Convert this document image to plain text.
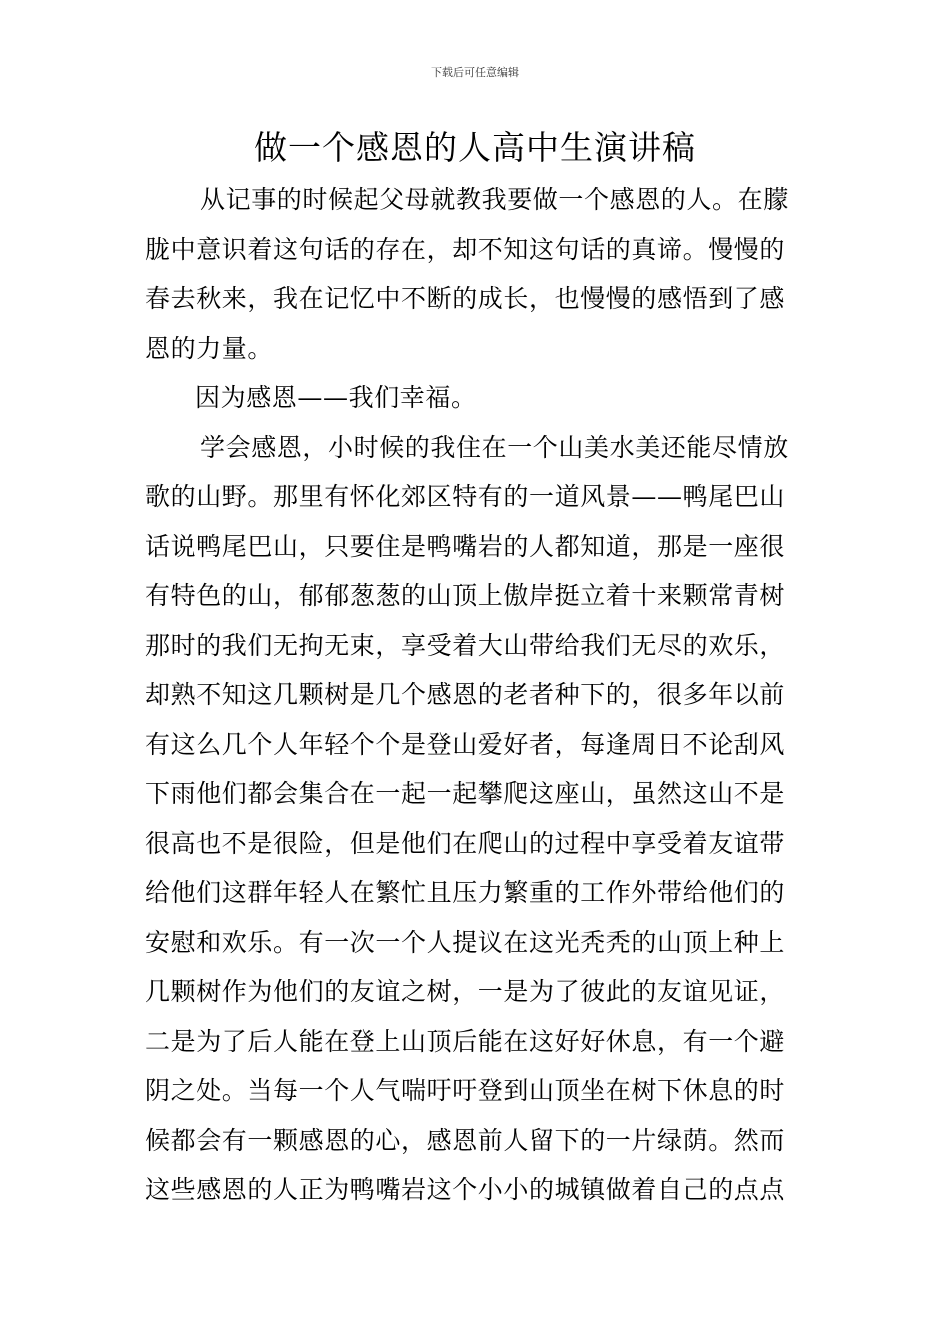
下载后可任意编辑
做一个感恩的人高中生演讲稿

从记事的时候起父母就教我要做一个感恩的人。在朦
胧中意识着这句话的存在，却不知这句话的真谛。慢慢的
春去秋来，我在记忆中不断的成长，也慢慢的感悟到了感
恩的力量。

因为感恩——我们幸福。

学会感恩，小时候的我住在一个山美水美还能尽情放
歌的山野。那里有怀化郊区特有的一道风景——鸭尾巴山
话说鸭尾巴山，只要住是鸭嘴岩的人都知道，那是一座很
有特色的山，郁郁葱葱的山顶上傲岸挺立着十来颗常青树
那时的我们无拘无束，享受着大山带给我们无尽的欢乐，
却熟不知这几颗树是几个感恩的老者种下的，很多年以前
有这么几个人年轻个个是登山爱好者，每逢周日不论刮风
下雨他们都会集合在一起一起攀爬这座山，虽然这山不是
很高也不是很险，但是他们在爬山的过程中享受着友谊带
给他们这群年轻人在繁忙且压力繁重的工作外带给他们的
安慰和欢乐。有一次一个人提议在这光秃秃的山顶上种上
几颗树作为他们的友谊之树，一是为了彼此的友谊见证，
二是为了后人能在登上山顶后能在这好好休息，有一个避
阴之处。当每一个人气喘吁吁登到山顶坐在树下休息的时
候都会有一颗感恩的心，感恩前人留下的一片绿荫。然而
这些感恩的人正为鸭嘴岩这个小小的城镇做着自己的点点
